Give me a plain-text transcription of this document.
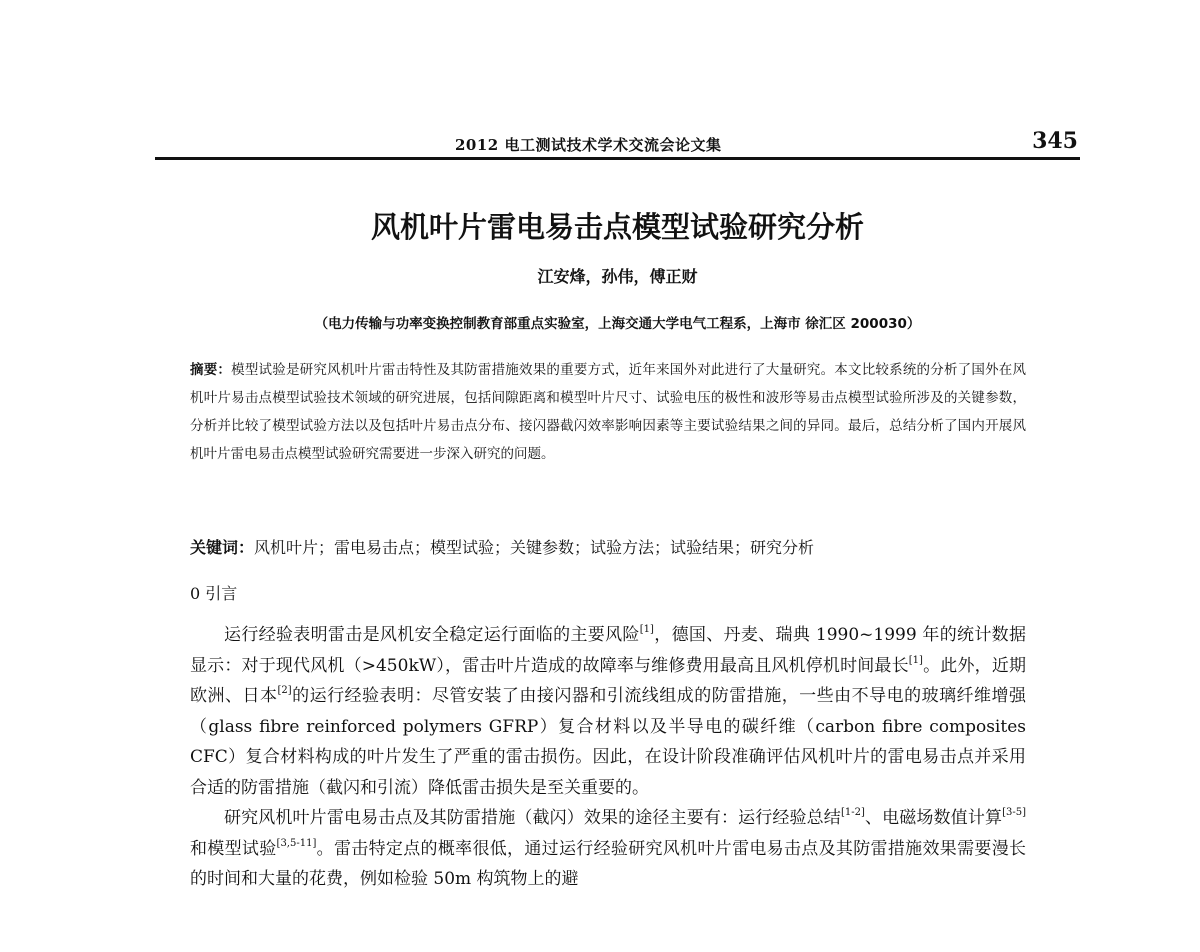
2012 电工测试技术学术交流会论文集	345
风机叶片雷电易击点模型试验研究分析
江安烽，孙伟，傅正财
（电力传输与功率变换控制教育部重点实验室，上海交通大学电气工程系，上海市 徐汇区 200030）
摘要：模型试验是研究风机叶片雷击特性及其防雷措施效果的重要方式，近年来国外对此进行了大量研究。本文比较系统的分析了国外在风机叶片易击点模型试验技术领域的研究进展，包括间隙距离和模型叶片尺寸、试验电压的极性和波形等易击点模型试验所涉及的关键参数，分析并比较了模型试验方法以及包括叶片易击点分布、接闪器截闪效率影响因素等主要试验结果之间的异同。最后，总结分析了国内开展风机叶片雷电易击点模型试验研究需要进一步深入研究的问题。
关键词：风机叶片；雷电易击点；模型试验；关键参数；试验方法；试验结果；研究分析
0 引言

运行经验表明雷击是风机安全稳定运行面临的主要风险[1]，德国、丹麦、瑞典 1990~1999 年的统计数据显示：对于现代风机（>450kW），雷击叶片造成的故障率与维修费用最高且风机停机时间最长[1]。此外，近期欧洲、日本[2]的运行经验表明：尽管安装了由接闪器和引流线组成的防雷措施，一些由不导电的玻璃纤维增强（glass fibre reinforced polymers GFRP）复合材料以及半导电的碳纤维（carbon fibre composites CFC）复合材料构成的叶片发生了严重的雷击损伤。因此，在设计阶段准确评估风机叶片的雷电易击点并采用合适的防雷措施（截闪和引流）降低雷击损失是至关重要的。

研究风机叶片雷电易击点及其防雷措施（截闪）效果的途径主要有：运行经验总结[1-2]、电磁场数值计算[3-5]和模型试验[3,5-11]。雷击特定点的概率很低，通过运行经验研究风机叶片雷电易击点及其防雷措施效果需要漫长的时间和大量的花费，例如检验 50m 构筑物上的避
